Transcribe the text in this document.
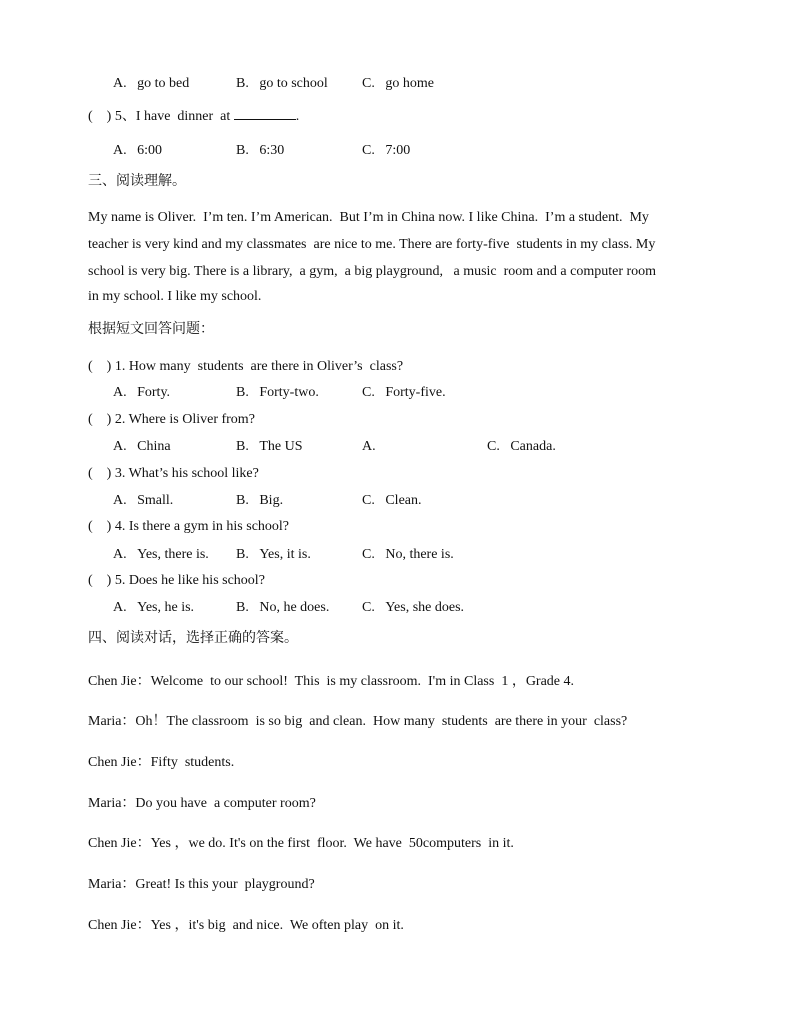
A.   go to bed	B.   go to school C.   go home
(    ) 5、I have  dinner  at	.
A.   6:00	B.   6:30	C.   7:00
三、阅读理解。
My name is Oliver.  I’m ten. I’m American.  But I’m in China now. I like China.  I’m a student.  My
teacher is very kind and my classmates  are nice to me. There are forty-five  students in my class. My
school is very big. There is a library,  a gym,  a big playground,   a music  room and a computer room
in my school. I like my school.
根据短文回答问题：
(    ) 1. How many  students  are there in Oliver’s  class?
A.   Forty.	B.   Forty-two.	C.   Forty-five.
(    ) 2. Where is Oliver from?
A.   China	B.   The US	A.	C.   Canada.
(    ) 3. What’s his school like?
A.   Small.	B.   Big.	C.   Clean.
(    ) 4. Is there a gym in his school?
A.   Yes, there is. B.   Yes, it is.	C.   No, there is.
(    ) 5. Does he like his school?
A.   Yes, he is.	B.   No, he does. C.   Yes, she does.
四、阅读对话，选择正确的答案。
Chen Jie：Welcome  to our school!  This  is my classroom.  I'm in Class  1 ，Grade 4.
Maria：Oh！The classroom  is so big  and clean.  How many  students  are there in your  class?
Chen Jie：Fifty  students.
Maria：Do you have  a computer room?
Chen Jie：Yes ，we do. It's on the first  floor.  We have  50computers  in it.
Maria：Great! Is this your  playground?
Chen Jie：Yes ，it's big  and nice.  We often play  on it.
